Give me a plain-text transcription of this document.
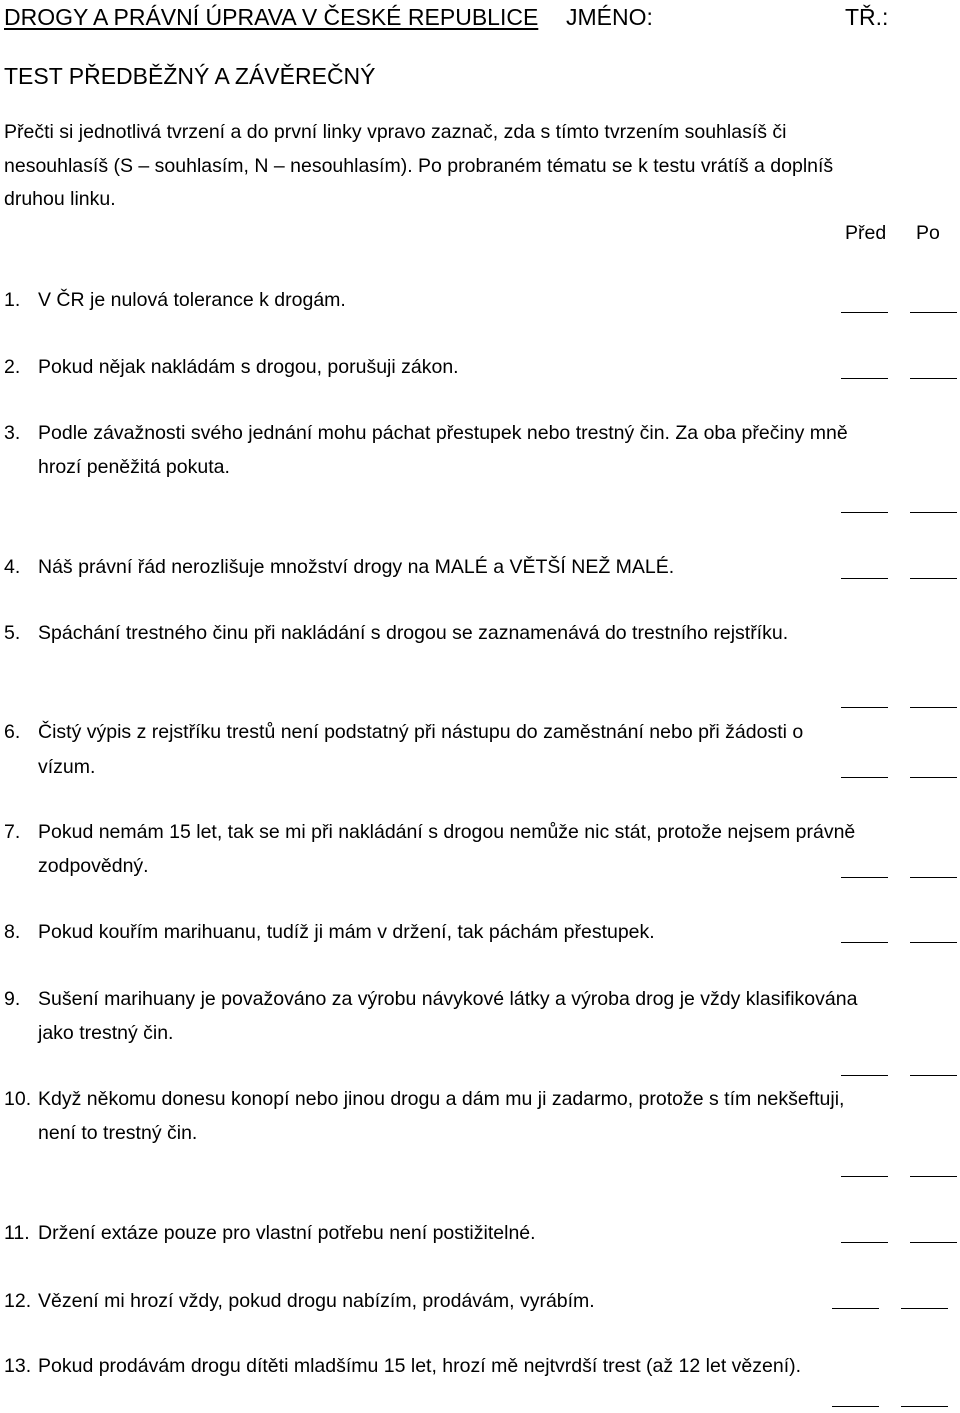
DROGY A PRÁVNÍ ÚPRAVA V ČESKÉ REPUBLICE JMÉNO:	TŘ.:
TEST PŘEDBĚŽNÝ A ZÁVĚREČNÝ
Přečti si jednotlivá tvrzení a do první linky vpravo zaznač, zda s tímto tvrzením souhlasíš či
nesouhlasíš (S – souhlasím, N – nesouhlasím). Po probraném tématu se k testu vrátíš a doplníš
druhou linku.
Před Po
1. V ČR je nulová tolerance k drogám.
2. Pokud nějak nakládám s drogou, porušuji zákon.
3. Podle závažnosti svého jednání mohu páchat přestupek nebo trestný čin. Za oba přečiny mně
hrozí peněžitá pokuta.
4. Náš právní řád nerozlišuje množství drogy na MALÉ a VĚTŠÍ NEŽ MALÉ.
5. Spáchání trestného činu při nakládání s drogou se zaznamenává do trestního rejstříku.
6. Čistý výpis z rejstříku trestů není podstatný při nástupu do zaměstnání nebo při žádosti o
vízum.
7. Pokud nemám 15 let, tak se mi při nakládání s drogou nemůže nic stát, protože nejsem právně
zodpovědný.
8. Pokud kouřím marihuanu, tudíž ji mám v držení, tak páchám přestupek.
9. Sušení marihuany je považováno za výrobu návykové látky a výroba drog je vždy klasifikována
jako trestný čin.
10. Když někomu donesu konopí nebo jinou drogu a dám mu ji zadarmo, protože s tím nekšeftuji,
není to trestný čin.
11. Držení extáze pouze pro vlastní potřebu není postižitelné.
12. Vězení mi hrozí vždy, pokud drogu nabízím, prodávám, vyrábím.
13. Pokud prodávám drogu dítěti mladšímu 15 let, hrozí mě nejtvrdší trest (až 12 let vězení).
